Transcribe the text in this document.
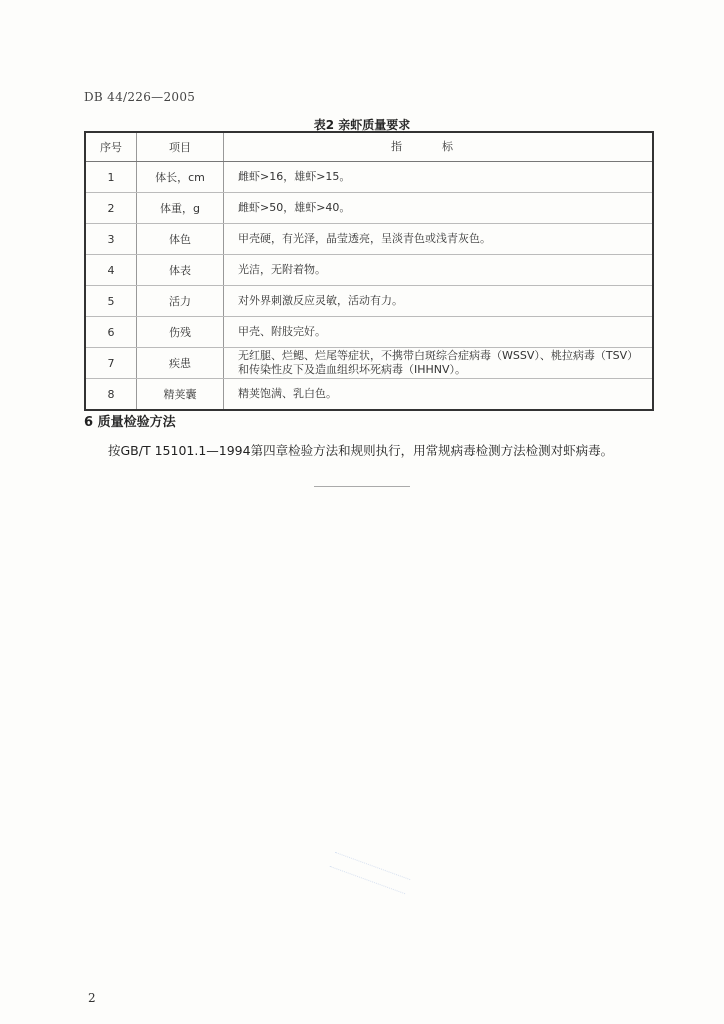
DB 44/226—2005
表2 亲虾质量要求
序号	项目	指标
1	体长，cm	雌虾>16，雄虾>15。
2	体重，g	雌虾>50，雄虾>40。
3	体色	甲壳硬，有光泽，晶莹透亮，呈淡青色或浅青灰色。
4	体表	光洁，无附着物。
5	活力	对外界刺激反应灵敏，活动有力。
6	伤残	甲壳、附肢完好。
7	疾患	无红腿、烂鳃、烂尾等症状，不携带白斑综合症病毒（WSSV）、桃拉病毒（TSV）和传染性皮下及造血组织坏死病毒（IHHNV）。
8	精荚囊	精荚饱满、乳白色。
6 质量检验方法
按GB/T 15101.1—1994第四章检验方法和规则执行，用常规病毒检测方法检测对虾病毒。
2
